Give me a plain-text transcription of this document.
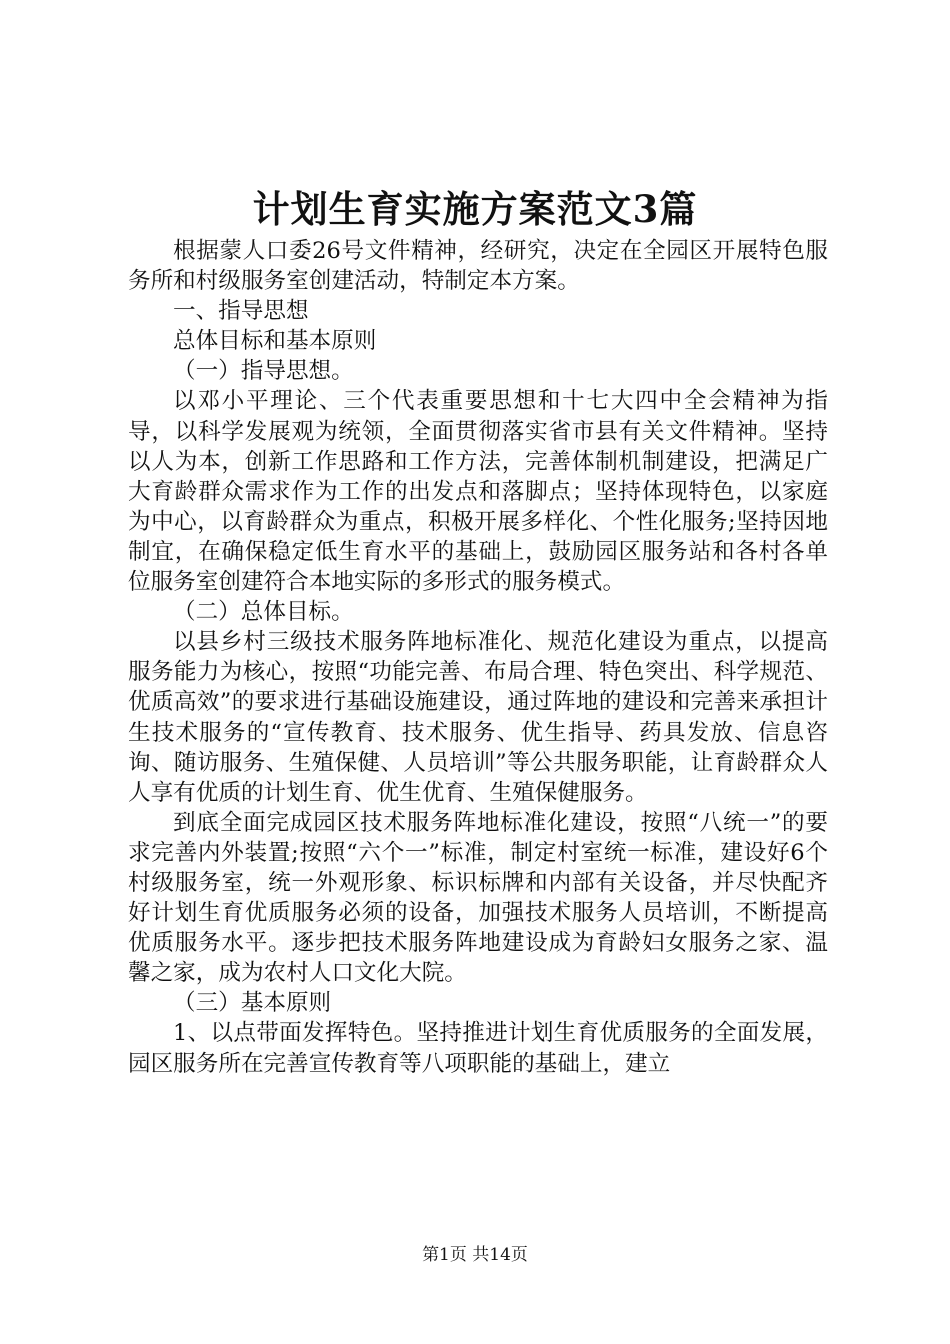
计划生育实施方案范文3篇

根据蒙人口委26号文件精神，经研究，决定在全园区开展特色服务所和村级服务室创建活动，特制定本方案。

一、指导思想

总体目标和基本原则

（一）指导思想。

以邓小平理论、三个代表重要思想和十七大四中全会精神为指导，以科学发展观为统领，全面贯彻落实省市县有关文件精神。坚持以人为本，创新工作思路和工作方法，完善体制机制建设，把满足广大育龄群众需求作为工作的出发点和落脚点；坚持体现特色，以家庭为中心，以育龄群众为重点，积极开展多样化、个性化服务;坚持因地制宜，在确保稳定低生育水平的基础上，鼓励园区服务站和各村各单位服务室创建符合本地实际的多形式的服务模式。

（二）总体目标。

以县乡村三级技术服务阵地标准化、规范化建设为重点，以提高服务能力为核心，按照“功能完善、布局合理、特色突出、科学规范、优质高效”的要求进行基础设施建设，通过阵地的建设和完善来承担计生技术服务的“宣传教育、技术服务、优生指导、药具发放、信息咨询、随访服务、生殖保健、人员培训”等公共服务职能，让育龄群众人人享有优质的计划生育、优生优育、生殖保健服务。

到底全面完成园区技术服务阵地标准化建设，按照“八统一”的要求完善内外装置;按照“六个一”标准，制定村室统一标准，建设好6个村级服务室，统一外观形象、标识标牌和内部有关设备，并尽快配齐好计划生育优质服务必须的设备，加强技术服务人员培训，不断提高优质服务水平。逐步把技术服务阵地建设成为育龄妇女服务之家、温馨之家，成为农村人口文化大院。

（三）基本原则

1、以点带面发挥特色。坚持推进计划生育优质服务的全面发展，园区服务所在完善宣传教育等八项职能的基础上，建立

第1页 共14页
